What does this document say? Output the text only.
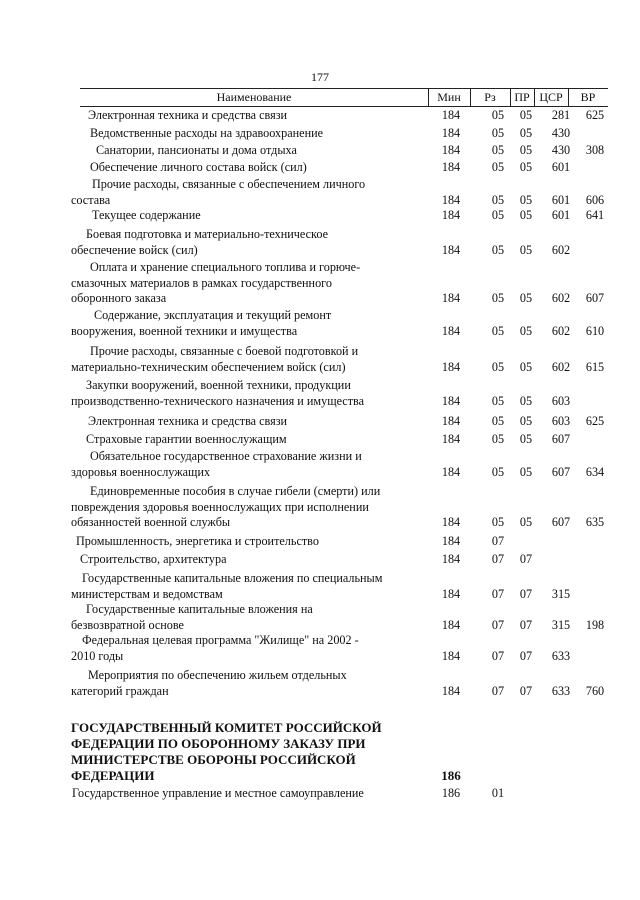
177
Наименование	Мин	Рз	ПР ЦСР	ВР
Электронная техника и средства связи	184	05	05	281	625
Ведомственные расходы на здравоохранение	184	05	05	430
Санатории, пансионаты и дома отдыха	184	05	05	430	308
Обеспечение личного состава войск (сил)	184	05	05	601
Прочие расходы, связанные с обеспечением личного
состава	184	05	05	601	606
Текущее содержание	184	05	05	601	641
Боевая подготовка и материально-техническое
обеспечение войск (сил)	184	05	05	602
Оплата и хранение специального топлива и горюче-
смазочных материалов в рамках государственного
оборонного заказа	184	05	05	602	607
Содержание, эксплуатация и текущий ремонт
вооружения, военной техники и имущества	184	05	05	602	610
Прочие расходы, связанные с боевой подготовкой и
материально-техническим обеспечением войск (сил)	184	05	05	602	615
Закупки вооружений, военной техники, продукции
производственно-технического назначения и имущества	184	05	05	603
Электронная техника и средства связи	184	05	05	603	625
Страховые гарантии военнослужащим	184	05	05	607
Обязательное государственное страхование жизни и
здоровья военнослужащих	184	05	05	607	634
Единовременные пособия в случае гибели (смерти) или
повреждения здоровья военнослужащих при исполнении
обязанностей военной службы	184	05	05	607	635
Промышленность, энергетика и строительство	184	07
Строительство, архитектура	184	07	07
Государственные капитальные вложения по специальным
министерствам и ведомствам	184	07	07	315
Государственные капитальные вложения на
безвозвратной основе	184	07	07	315	198
Федеральная целевая программа "Жилище" на 2002 -
2010 годы	184	07	07	633
Мероприятия по обеспечению жильем отдельных
категорий граждан	184	07	07	633	760
ГОСУДАРСТВЕННЫЙ КОМИТЕТ РОССИЙСКОЙ
ФЕДЕРАЦИИ ПО ОБОРОННОМУ ЗАКАЗУ ПРИ
МИНИСТЕРСТВЕ ОБОРОНЫ РОССИЙСКОЙ
ФЕДЕРАЦИИ	186
Государственное управление и местное самоуправление	186	01
